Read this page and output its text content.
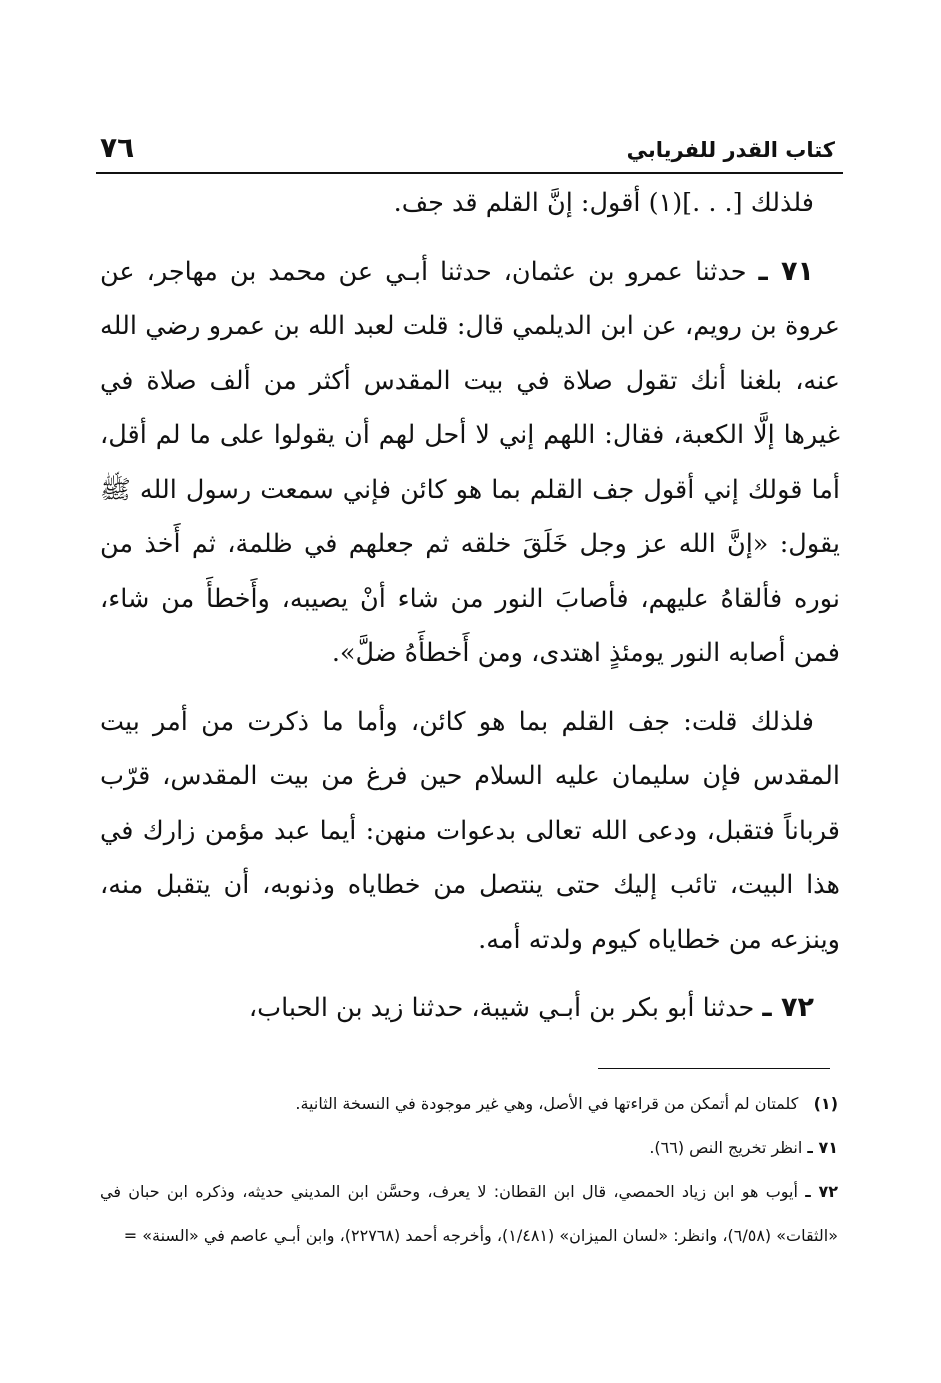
٧٦	كتاب القدر للفريابي

فلذلك [. . .](١) أقول: إنَّ القلم قد جف.

٧١ ـ حدثنا عمرو بن عثمان، حدثنا أبـي عن محمد بن مهاجر، عن عروة بن رويم، عن ابن الديلمي قال: قلت لعبد الله بن عمرو رضي الله عنه، بلغنا أنك تقول صلاة في بيت المقدس أكثر من ألف صلاة في غيرها إلَّا الكعبة، فقال: اللهم إني لا أحل لهم أن يقولوا على ما لم أقل، أما قولك إني أقول جف القلم بما هو كائن فإني سمعت رسول الله ﷺ يقول: «إنَّ الله عز وجل خَلَقَ خلقه ثم جعلهم في ظلمة، ثم أَخذ من نوره فألقاهُ عليهم، فأصابَ النور من شاء أنْ يصيبه، وأَخطأَ من شاء، فمن أصابه النور يومئذٍ اهتدى، ومن أَخطأَهُ ضلَّ».

فلذلك قلت: جف القلم بما هو كائن، وأما ما ذكرت من أمر بيت المقدس فإن سليمان عليه السلام حين فرغ من بيت المقدس، قرّب قرباناً فتقبل، ودعى الله تعالى بدعوات منهن: أيما عبد مؤمن زارك في هذا البيت، تائب إليك حتى ينتصل من خطاياه وذنوبه، أن يتقبل منه، وينزعه من خطاياه كيوم ولدته أمه.

٧٢ ـ حدثنا أبو بكر بن أبـي شيبة، حدثنا زيد بن الحباب،

(١)   كلمتان لم أتمكن من قراءتها في الأصل، وهي غير موجودة في النسخة الثانية.

٧١ ـ انظر تخريج النص (٦٦).

٧٢ ـ أيوب هو ابن زياد الحمصي، قال ابن القطان: لا يعرف، وحسَّن ابن المديني حديثه، وذكره ابن حبان في «الثقات» (٦/٥٨)، وانظر: «لسان الميزان» (١/٤٨١)، وأخرجه أحمد (٢٢٧٦٨)، وابن أبـي عاصم في «السنة» =
